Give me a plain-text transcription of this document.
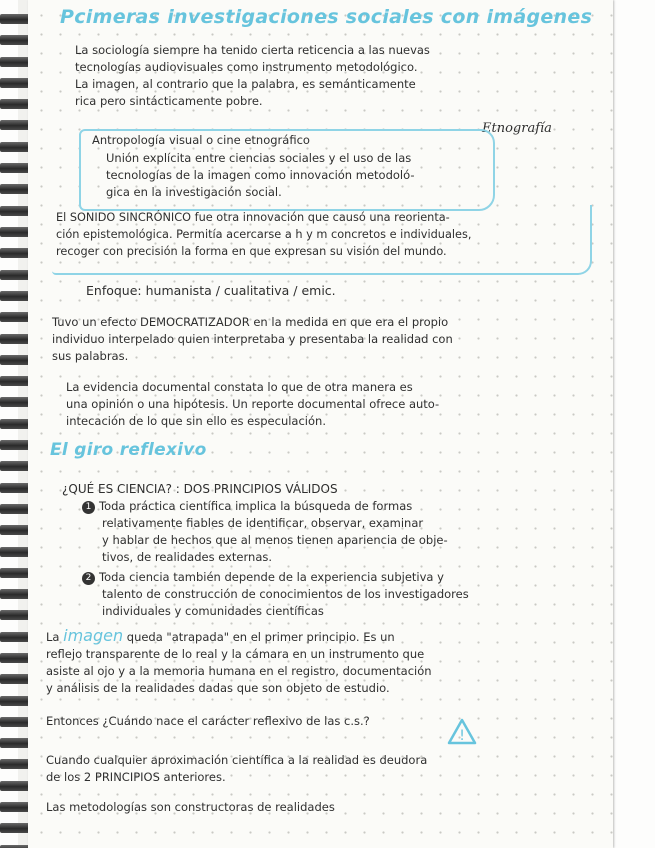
Pcimeras investigaciones sociales con imágenes

La sociología siempre ha tenido cierta reticencia a las nuevas

tecnologías audiovisuales como instrumento metodológico.

La imagen, al contrario que la palabra, es semánticamente

rica pero sintácticamente pobre.

Etnografía

Antropología visual o cine etnográfico

Unión explícita entre ciencias sociales y el uso de las

tecnologías de la imagen como innovación metodoló-

gica en la investigación social.

El SONIDO SINCRÓNICO fue otra innovación que causó una reorienta-

ción epistemológica. Permitía acercarse a h y m concretos e individuales,

recoger con precisión la forma en que expresan su visión del mundo.

Enfoque: humanista / cualitativa / emic.

Tuvo un efecto DEMOCRATIZADOR en la medida en que era el propio

individuo interpelado quien interpretaba y presentaba la realidad con

sus palabras.

La evidencia documental constata lo que de otra manera es

una opinión o una hipótesis. Un reporte documental ofrece auto-

intecación de lo que sin ello es especulación.

El giro reflexivo

¿QUÉ ES CIENCIA? : DOS PRINCIPIOS VÁLIDOS

1 Toda práctica científica implica la búsqueda de formas

relativamente fiables de identificar, observar, examinar

y hablar de hechos que al menos tienen apariencia de obje-

tivos, de realidades externas.

2 Toda ciencia también depende de la experiencia subjetiva y

talento de construcción de conocimientos de los investigadores

individuales y comunidades científicas

La imagen queda "atrapada" en el primer principio. Es un

reflejo transparente de lo real y la cámara en un instrumento que

asiste al ojo y a la memoria humana en el registro, documentación

y análisis de la realidades dadas que son objeto de estudio.

Entonces ¿Cuándo nace el carácter reflexivo de las c.s.?

!

Cuando cualquier aproximación científica a la realidad es deudora

de los 2 PRINCIPIOS anteriores.

Las metodologías son constructoras de realidades
